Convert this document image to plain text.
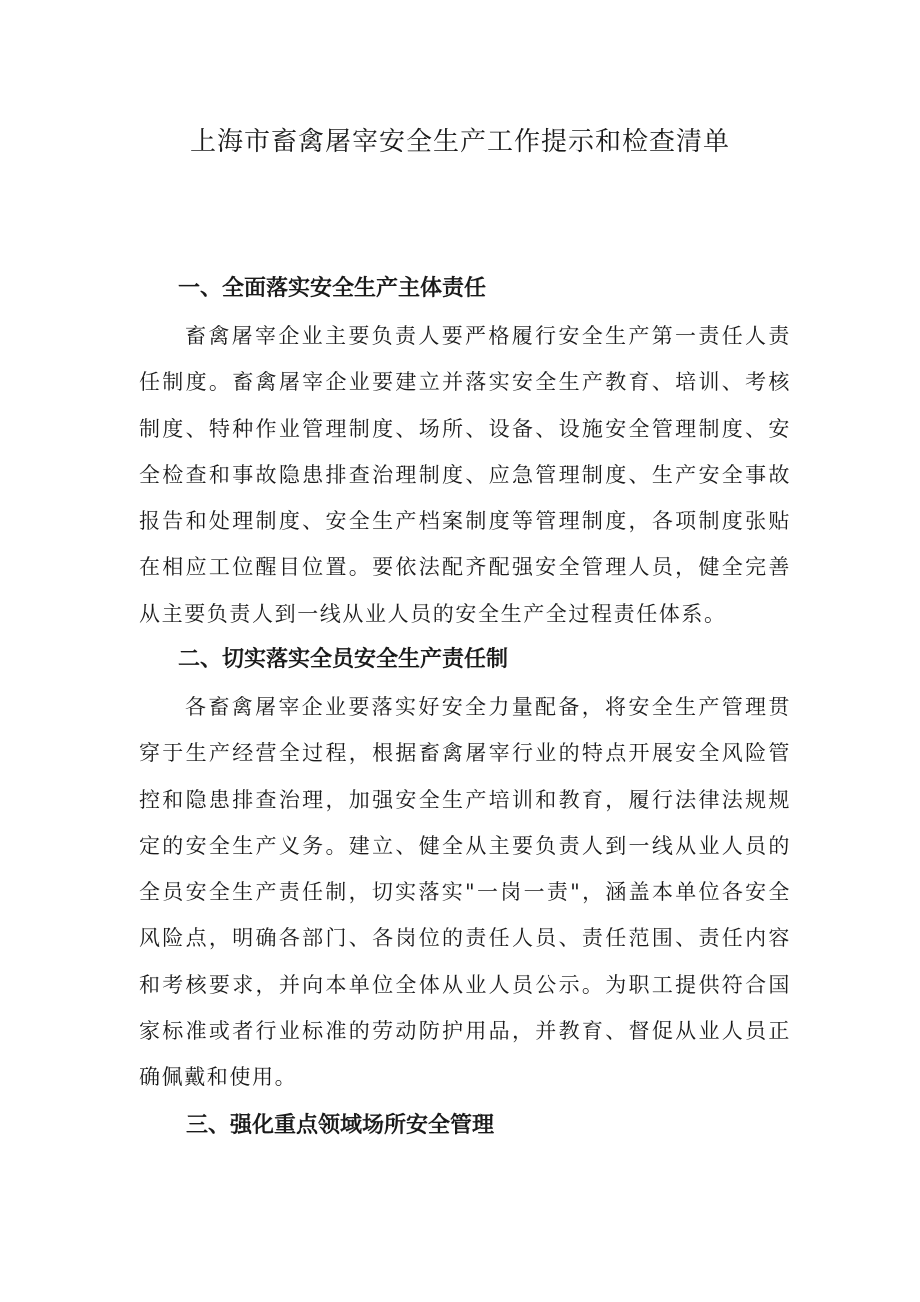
上海市畜禽屠宰安全生产工作提示和检查清单
一、全面落实安全生产主体责任

畜禽屠宰企业主要负责人要严格履行安全生产第一责任人责任制度。畜禽屠宰企业要建立并落实安全生产教育、培训、考核制度、特种作业管理制度、场所、设备、设施安全管理制度、安全检查和事故隐患排查治理制度、应急管理制度、生产安全事故报告和处理制度、安全生产档案制度等管理制度，各项制度张贴在相应工位醒目位置。要依法配齐配强安全管理人员，健全完善从主要负责人到一线从业人员的安全生产全过程责任体系。

二、切实落实全员安全生产责任制

各畜禽屠宰企业要落实好安全力量配备，将安全生产管理贯穿于生产经营全过程，根据畜禽屠宰行业的特点开展安全风险管控和隐患排查治理，加强安全生产培训和教育，履行法律法规规定的安全生产义务。建立、健全从主要负责人到一线从业人员的全员安全生产责任制，切实落实"一岗一责"，涵盖本单位各安全风险点，明确各部门、各岗位的责任人员、责任范围、责任内容和考核要求，并向本单位全体从业人员公示。为职工提供符合国家标准或者行业标准的劳动防护用品，并教育、督促从业人员正确佩戴和使用。

三、强化重点领域场所安全管理
